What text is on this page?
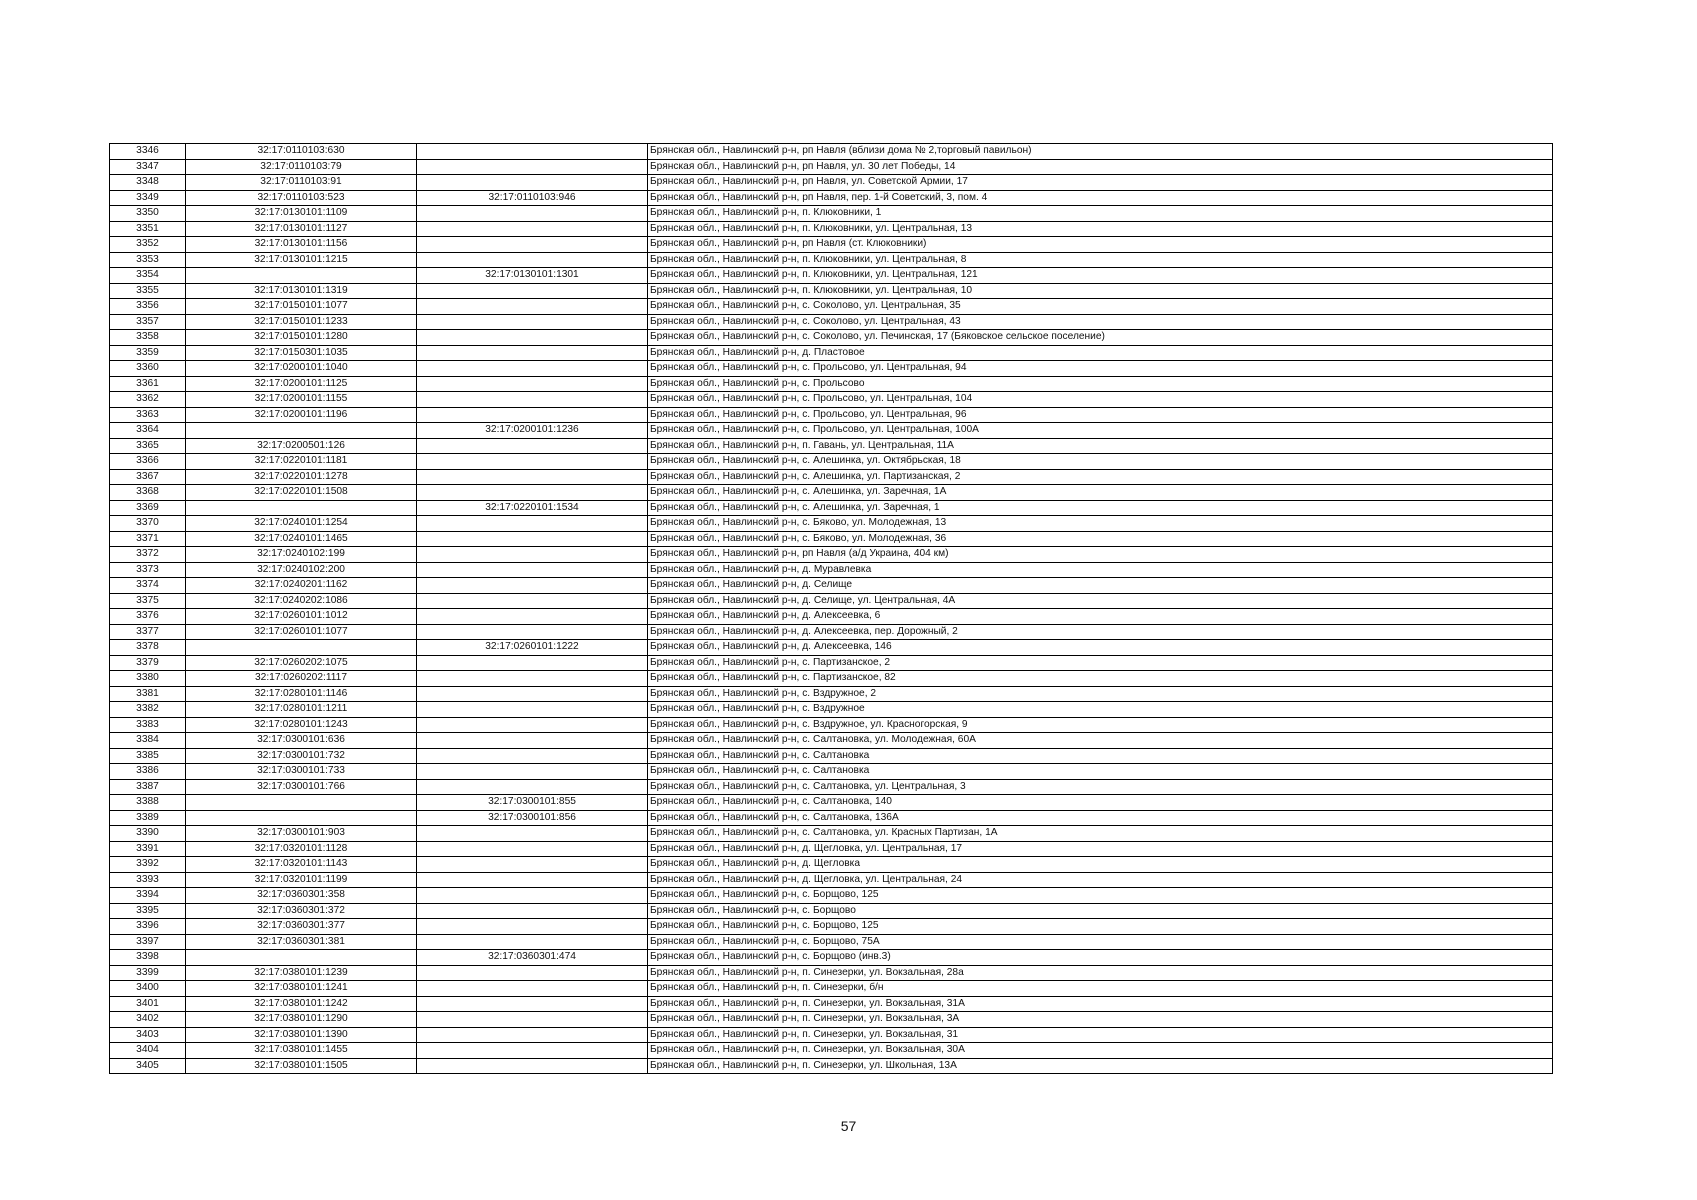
3346	32:17:0110103:630		Брянская обл., Навлинский р-н, рп Навля (вблизи дома № 2,торговый павильон)
3347	32:17:0110103:79		Брянская обл., Навлинский р-н, рп Навля, ул. 30 лет Победы, 14
3348	32:17:0110103:91		Брянская обл., Навлинский р-н, рп Навля, ул. Советской Армии, 17
3349	32:17:0110103:523	32:17:0110103:946	Брянская обл., Навлинский р-н, рп Навля, пер. 1-й Советский, 3, пом. 4
3350	32:17:0130101:1109		Брянская обл., Навлинский р-н, п. Клюковники, 1
3351	32:17:0130101:1127		Брянская обл., Навлинский р-н, п. Клюковники, ул. Центральная, 13
3352	32:17:0130101:1156		Брянская обл., Навлинский р-н, рп Навля (ст. Клюковники)
3353	32:17:0130101:1215		Брянская обл., Навлинский р-н, п. Клюковники, ул. Центральная, 8
3354		32:17:0130101:1301	Брянская обл., Навлинский р-н, п. Клюковники, ул. Центральная, 121
3355	32:17:0130101:1319		Брянская обл., Навлинский р-н, п. Клюковники, ул. Центральная, 10
3356	32:17:0150101:1077		Брянская обл., Навлинский р-н, с. Соколово, ул. Центральная, 35
3357	32:17:0150101:1233		Брянская обл., Навлинский р-н, с. Соколово, ул. Центральная, 43
3358	32:17:0150101:1280		Брянская обл., Навлинский р-н, с. Соколово, ул. Печинская, 17 (Бяковское сельское поселение)
3359	32:17:0150301:1035		Брянская обл., Навлинский р-н, д. Пластовое
3360	32:17:0200101:1040		Брянская обл., Навлинский р-н, с. Прольсово, ул. Центральная, 94
3361	32:17:0200101:1125		Брянская обл., Навлинский р-н, с. Прольсово
3362	32:17:0200101:1155		Брянская обл., Навлинский р-н, с. Прольсово, ул. Центральная, 104
3363	32:17:0200101:1196		Брянская обл., Навлинский р-н, с. Прольсово, ул. Центральная, 96
3364		32:17:0200101:1236	Брянская обл., Навлинский р-н, с. Прольсово, ул. Центральная, 100А
3365	32:17:0200501:126		Брянская обл., Навлинский р-н, п. Гавань, ул. Центральная, 11А
3366	32:17:0220101:1181		Брянская обл., Навлинский р-н, с. Алешинка, ул. Октябрьская, 18
3367	32:17:0220101:1278		Брянская обл., Навлинский р-н, с. Алешинка, ул. Партизанская, 2
3368	32:17:0220101:1508		Брянская обл., Навлинский р-н, с. Алешинка, ул. Заречная, 1А
3369		32:17:0220101:1534	Брянская обл., Навлинский р-н, с. Алешинка, ул. Заречная, 1
3370	32:17:0240101:1254		Брянская обл., Навлинский р-н, с. Бяково, ул. Молодежная, 13
3371	32:17:0240101:1465		Брянская обл., Навлинский р-н, с. Бяково, ул. Молодежная, 36
3372	32:17:0240102:199		Брянская обл., Навлинский р-н, рп Навля (а/д Украина, 404 км)
3373	32:17:0240102:200		Брянская обл., Навлинский р-н, д. Муравлевка
3374	32:17:0240201:1162		Брянская обл., Навлинский р-н, д. Селище
3375	32:17:0240202:1086		Брянская обл., Навлинский р-н, д. Селище, ул. Центральная, 4А
3376	32:17:0260101:1012		Брянская обл., Навлинский р-н, д. Алексеевка, 6
3377	32:17:0260101:1077		Брянская обл., Навлинский р-н, д. Алексеевка, пер. Дорожный, 2
3378		32:17:0260101:1222	Брянская обл., Навлинский р-н, д. Алексеевка, 146
3379	32:17:0260202:1075		Брянская обл., Навлинский р-н, с. Партизанское, 2
3380	32:17:0260202:1117		Брянская обл., Навлинский р-н, с. Партизанское, 82
3381	32:17:0280101:1146		Брянская обл., Навлинский р-н, с. Вздружное, 2
3382	32:17:0280101:1211		Брянская обл., Навлинский р-н, с. Вздружное
3383	32:17:0280101:1243		Брянская обл., Навлинский р-н, с. Вздружное, ул. Красногорская, 9
3384	32:17:0300101:636		Брянская обл., Навлинский р-н, с. Салтановка, ул. Молодежная, 60А
3385	32:17:0300101:732		Брянская обл., Навлинский р-н, с. Салтановка
3386	32:17:0300101:733		Брянская обл., Навлинский р-н, с. Салтановка
3387	32:17:0300101:766		Брянская обл., Навлинский р-н, с. Салтановка, ул. Центральная, 3
3388		32:17:0300101:855	Брянская обл., Навлинский р-н, с. Салтановка, 140
3389		32:17:0300101:856	Брянская обл., Навлинский р-н, с. Салтановка, 136А
3390	32:17:0300101:903		Брянская обл., Навлинский р-н, с. Салтановка, ул. Красных Партизан, 1А
3391	32:17:0320101:1128		Брянская обл., Навлинский р-н, д. Щегловка, ул. Центральная, 17
3392	32:17:0320101:1143		Брянская обл., Навлинский р-н, д. Щегловка
3393	32:17:0320101:1199		Брянская обл., Навлинский р-н, д. Щегловка, ул. Центральная, 24
3394	32:17:0360301:358		Брянская обл., Навлинский р-н, с. Борщово, 125
3395	32:17:0360301:372		Брянская обл., Навлинский р-н, с. Борщово
3396	32:17:0360301:377		Брянская обл., Навлинский р-н, с. Борщово, 125
3397	32:17:0360301:381		Брянская обл., Навлинский р-н, с. Борщово, 75А
3398		32:17:0360301:474	Брянская обл., Навлинский р-н, с. Борщово (инв.3)
3399	32:17:0380101:1239		Брянская обл., Навлинский р-н, п. Синезерки, ул. Вокзальная, 28а
3400	32:17:0380101:1241		Брянская обл., Навлинский р-н, п. Синезерки, б/н
3401	32:17:0380101:1242		Брянская обл., Навлинский р-н, п. Синезерки, ул. Вокзальная, 31А
3402	32:17:0380101:1290		Брянская обл., Навлинский р-н, п. Синезерки, ул. Вокзальная, 3А
3403	32:17:0380101:1390		Брянская обл., Навлинский р-н, п. Синезерки, ул. Вокзальная, 31
3404	32:17:0380101:1455		Брянская обл., Навлинский р-н, п. Синезерки, ул. Вокзальная, 30А
3405	32:17:0380101:1505		Брянская обл., Навлинский р-н, п. Синезерки, ул. Школьная, 13А
57
